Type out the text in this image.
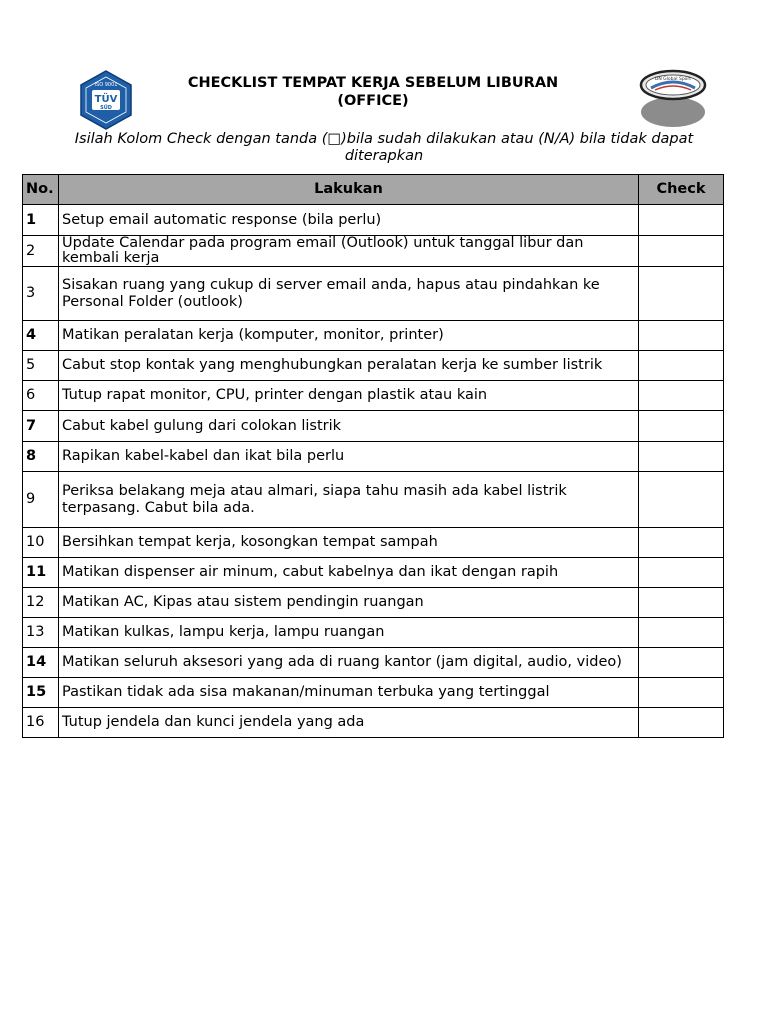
ISO 9001
TÜV
SÜD
CHECKLIST TEMPAT KERJA SEBELUM LIBURAN
(OFFICE)
DN Global Sport
Isilah Kolom Check dengan tanda (□)bila sudah dilakukan atau (N/A) bila tidak dapat diterapkan
No.	Lakukan	Check
1	Setup email automatic response (bila perlu)	
2	Update Calendar pada program email (Outlook) untuk tanggal libur dan kembali kerja	
3	Sisakan ruang yang cukup di server email anda, hapus atau pindahkan ke Personal Folder (outlook)	
4	Matikan peralatan kerja (komputer, monitor, printer)	
5	Cabut stop kontak yang menghubungkan peralatan kerja ke sumber listrik	
6	Tutup rapat monitor, CPU, printer dengan plastik atau kain	
7	Cabut kabel gulung dari colokan listrik	
8	Rapikan kabel-kabel dan ikat bila perlu	
9	Periksa belakang meja atau almari, siapa tahu masih ada kabel listrik terpasang. Cabut bila ada.	
10	Bersihkan tempat kerja, kosongkan tempat sampah	
11	Matikan dispenser air minum, cabut kabelnya dan ikat dengan rapih	
12	Matikan AC, Kipas atau sistem pendingin ruangan	
13	Matikan kulkas, lampu kerja, lampu ruangan	
14	Matikan seluruh aksesori yang ada di ruang kantor (jam digital, audio, video)	
15	Pastikan tidak ada sisa makanan/minuman terbuka yang tertinggal	
16	Tutup jendela dan kunci jendela yang ada	
